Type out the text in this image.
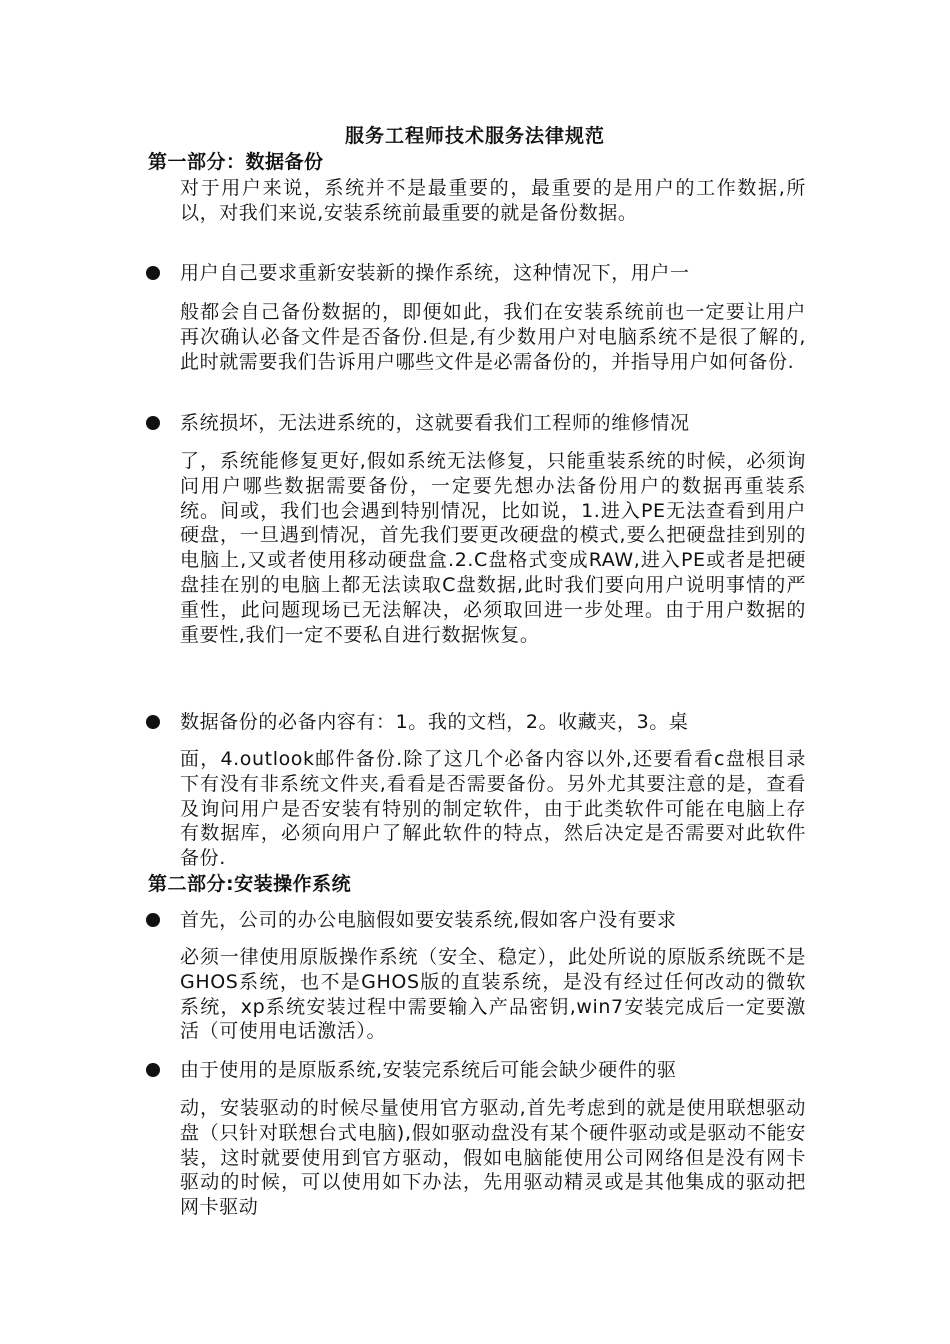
服务工程师技术服务法律规范
第一部分：数据备份

对于用户来说，系统并不是最重要的，最重要的是用户的工作数据,所以，对我们来说,安装系统前最重要的就是备份数据。

用户自己要求重新安装新的操作系统，这种情况下，用户一

般都会自己备份数据的，即便如此，我们在安装系统前也一定要让用户再次确认必备文件是否备份.但是,有少数用户对电脑系统不是很了解的,此时就需要我们告诉用户哪些文件是必需备份的，并指导用户如何备份.

系统损坏，无法进系统的，这就要看我们工程师的维修情况

了，系统能修复更好,假如系统无法修复，只能重装系统的时候，必须询问用户哪些数据需要备份，一定要先想办法备份用户的数据再重装系统。间或，我们也会遇到特别情况，比如说，1.进入PE无法查看到用户硬盘，一旦遇到情况，首先我们要更改硬盘的模式,要么把硬盘挂到别的电脑上,又或者使用移动硬盘盒.2.C盘格式变成RAW,进入PE或者是把硬盘挂在别的电脑上都无法读取C盘数据,此时我们要向用户说明事情的严重性，此问题现场已无法解决，必须取回进一步处理。由于用户数据的重要性,我们一定不要私自进行数据恢复。

数据备份的必备内容有：1。我的文档，2。收藏夹，3。桌

面，4.outlook邮件备份.除了这几个必备内容以外,还要看看c盘根目录下有没有非系统文件夹,看看是否需要备份。另外尤其要注意的是，查看及询问用户是否安装有特别的制定软件，由于此类软件可能在电脑上存有数据库，必须向用户了解此软件的特点，然后决定是否需要对此软件备份.

第二部分:安装操作系统
首先，公司的办公电脑假如要安装系统,假如客户没有要求

必须一律使用原版操作系统（安全、稳定），此处所说的原版系统既不是GHOS系统，也不是GHOS版的直装系统，是没有经过任何改动的微软系统，xp系统安装过程中需要输入产品密钥,win7安装完成后一定要激活（可使用电话激活）。

由于使用的是原版系统,安装完系统后可能会缺少硬件的驱

动，安装驱动的时候尽量使用官方驱动,首先考虑到的就是使用联想驱动盘（只针对联想台式电脑),假如驱动盘没有某个硬件驱动或是驱动不能安装，这时就要使用到官方驱动，假如电脑能使用公司网络但是没有网卡驱动的时候，可以使用如下办法，先用驱动精灵或是其他集成的驱动把网卡驱动
